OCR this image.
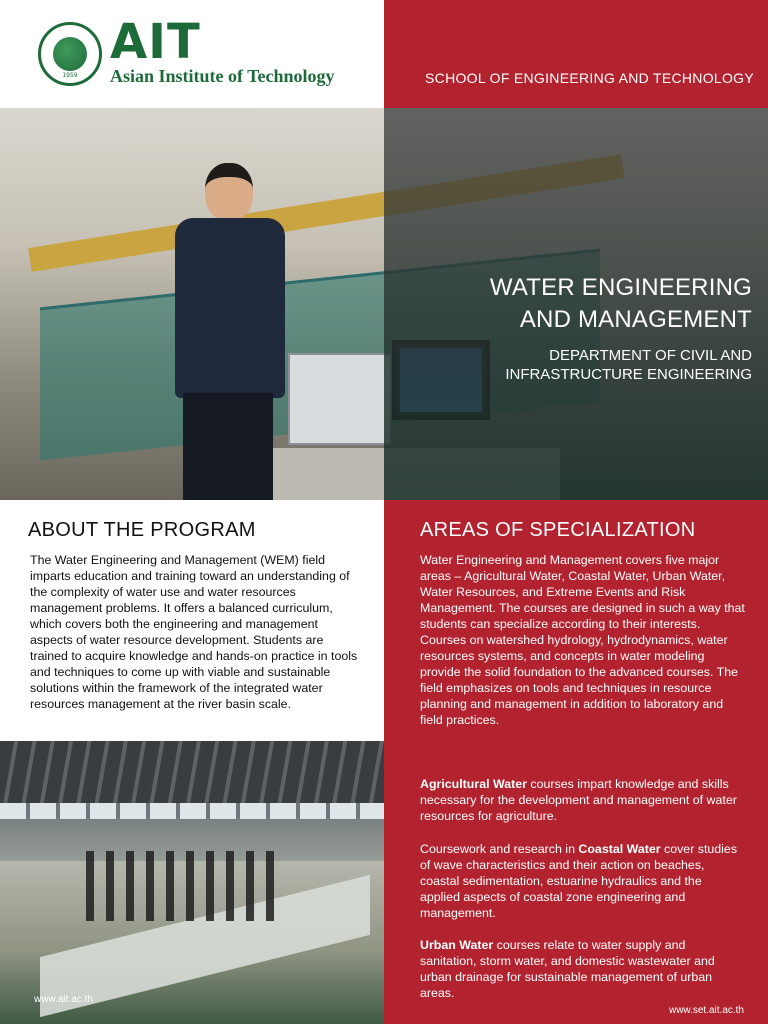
1959
AIT
Asian Institute of Technology	SCHOOL OF ENGINEERING AND TECHNOLOGY
WATER ENGINEERING
AND MANAGEMENT
DEPARTMENT OF CIVIL AND
INFRASTRUCTURE ENGINEERING
ABOUT THE PROGRAM
The Water Engineering and Management (WEM) field imparts education and training toward an understanding of the complexity of water use and water resources management problems. It offers a balanced curriculum, which covers both the engineering and management aspects of water resource development. Students are trained to acquire knowledge and hands-on practice in tools and techniques to come up with viable and sustainable solutions within the framework of the integrated water resources management at the river basin scale.
AREAS OF SPECIALIZATION
Water Engineering and Management covers five major areas – Agricultural Water, Coastal Water, Urban Water, Water Resources, and Extreme Events and Risk Management. The courses are designed in such a way that students can specialize according to their interests. Courses on watershed hydrology, hydrodynamics, water resources systems, and concepts in water modeling provide the solid foundation to the advanced courses. The field emphasizes on tools and techniques in resource planning and management in addition to laboratory and field practices.
Agricultural Water courses impart knowledge and skills necessary for the development and management of water resources for agriculture.
Coursework and research in Coastal Water cover studies of wave characteristics and their action on beaches, coastal sedimentation, estuarine hydraulics and the applied aspects of coastal zone engineering and management.
Urban Water courses relate to water supply and sanitation, storm water, and domestic wastewater and urban drainage for sustainable management of urban areas.
www.ait.ac.th
www.set.ait.ac.th
